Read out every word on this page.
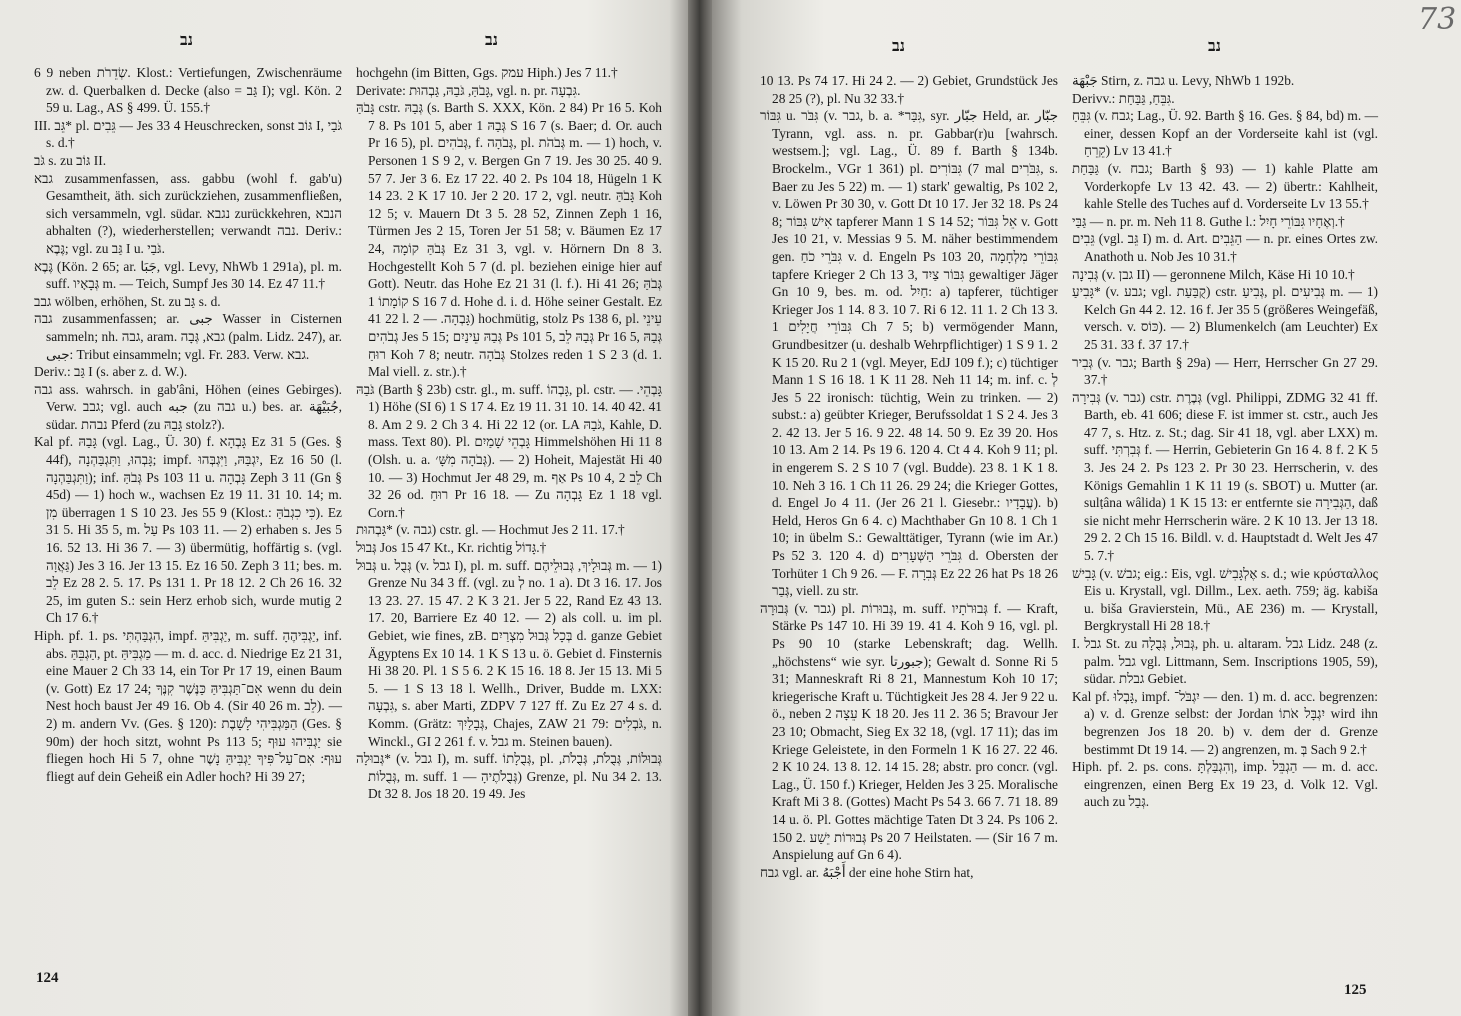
נב	נב
124
נב	נב
125
73

6 9 neben שְׂדֵרֹת. Klost.: Vertiefungen, Zwischenräume zw. d. Querbalken d. Decke (also = גַּב I); vgl. Kön. 2 59 u. Lag., AS § 499. Ü. 155.†

III. גֵּב* pl. גֵּבִים — Jes 33 4 Heuschrecken, sonst גּוֹב I, גֹּבַי s. d.†

גֹּב s. zu גּוֹב II.

גבא zusammenfassen, ass. gabbu (wohl f. gab'u) Gesamtheit, äth. sich zurückziehen, zusammenfließen, sich versammeln, vgl. südar. נגבא zurückkehren, הנבא abhalten (?), wiederherstellen; verwandt נבה. Deriv.: גֶּבֶא; vgl. zu גַּב I u. גֹּבַי.

גֶּבֶא (Kön. 2 65; ar. جَبَا, vgl. Levy, NhWb 1 291a), pl. m. suff. גְּבָאָיו m. — Teich, Sumpf Jes 30 14. Ez 47 11.†

גבב wölben, erhöhen, St. zu גַּב s. d.

גבה zusammenfassen; ar. جبى Wasser in Cisternen sammeln; nh. גבה, aram. גבא, גְּבָה (palm. Lidz. 247), ar. جبى: Tribut einsammeln; vgl. Fr. 283. Verw. גבא.

Deriv.: גַּב I (s. aber z. d. W.).

גבה ass. wahrsch. in gab'âni, Höhen (eines Gebirges). Verw. גבב; vgl. auch جبه (zu גבה u.) bes. ar. جُبَيْهَة, südar. נבהת Pferd (zu גָּבַהּ stolz?).

Kal pf. גָּבַהּ (vgl. Lag., Ü. 30) f. גָּבְהָא Ez 31 5 (Ges. § 44f), גָּבְהוּ, וַתִּגְבַּהְנָה; impf. יִגְבַּהּ, וַיִּגְבְּהוּ, Ez 16 50 (l. וַתִּגְבַּהְנָה); inf. גְּבֹהַּ Ps 103 11 u. גָּבְהָה Zeph 3 11 (Gn § 45d) — 1) hoch w., wachsen Ez 19 11. 31 10. 14; m. מִן überragen 1 S 10 23. Jes 55 9 (Klost.: כִּי כִגְבֹהַּ). Ez 31 5. Hi 35 5, m. עַל Ps 103 11. — 2) erhaben s. Jes 5 16. 52 13. Hi 36 7. — 3) übermütig, hoffärtig s. (vgl. גַּאֲוָה) Jes 3 16. Jer 13 15. Ez 16 50. Zeph 3 11; bes. m. לֵב Ez 28 2. 5. 17. Ps 131 1. Pr 18 12. 2 Ch 26 16. 32 25, im guten S.: sein Herz erhob sich, wurde mutig 2 Ch 17 6.†

Hiph. pf. 1. ps. הִגְבַּהְתִּי, impf. יַגְבִּיהַּ, m. suff. יַגְבִּיהֶהָ, inf. abs. הַגְבֵּהַּ, pt. מַגְבִּיהַּ — m. d. acc. d. Niedrige Ez 21 31, eine Mauer 2 Ch 33 14, ein Tor Pr 17 19, einen Baum (v. Gott) Ez 17 24; אִם־תַּגְבִּיהַּ כַּנֶּשֶׁר קִנֶּךָ wenn du dein Nest hoch baust Jer 49 16. Ob 4. (Sir 40 26 m. לֵב). — 2) m. andern Vv. (Ges. § 120): הַמַּגְבִּיהִי לָשָׁבֶת (Ges. § 90m) der hoch sitzt, wohnt Ps 113 5; יַגְבִּיהוּ עוּף sie fliegen hoch Hi 5 7, ohne עוּף: אִם־עַל־פִּיךָ יַגְבִּיהַּ נָשֶׁר fliegt auf dein Geheiß ein Adler hoch? Hi 39 27;

hochgehn (im Bitten, Ggs. עמק Hiph.) Jes 7 11.†

Derivate: גָּבֹהַּ, גֹּבַהּ, גַּבְהוּת, vgl. n. pr. גִּבְעָה.

גָּבֹהַּ cstr. גְּבַהּ (s. Barth S. XXX, Kön. 2 84) Pr 16 5. Koh 7 8. Ps 101 5, aber גְּבַהּ 1 S 16 7 (s. Baer; d. Or. auch Pr 16 5), pl. גְּבֹהִים, f. גְּבֹהָה, pl. גְּבֹהֹת m. — 1) hoch, v. Personen 1 S 9 2, v. Bergen Gn 7 19. Jes 30 25. 40 9. 57 7. Jer 3 6. Ez 17 22. 40 2. Ps 104 18, Hügeln 1 K 14 23. 2 K 17 10. Jer 2 20. 17 2, vgl. neutr. גָּבֹהַּ Koh 12 5; v. Mauern Dt 3 5. 28 52, Zinnen Zeph 1 16, Türmen Jes 2 15, Toren Jer 51 58; v. Bäumen Ez 17 24, גְּבֹהַּ קוֹמָה Ez 31 3, vgl. v. Hörnern Dn 8 3. Hochgestellt Koh 5 7 (d. pl. beziehen einige hier auf Gott). Neutr. das Hohe Ez 21 31 (l. f.). Hi 41 26; גְּבֹהַּ קוֹמָתוֹ 1 S 16 7 d. Hohe d. i. d. Höhe seiner Gestalt. Ez 41 22 l. גָּבְהָה. — 2) hochmütig, stolz Ps 138 6, pl. עֵינֵי גְבֹהִים Jes 5 15; גְּבַהּ עֵינַיִם Ps 101 5, גְּבַהּ לֵב Pr 16 5, גְּבַהּ רוּחַ Koh 7 8; neutr. גְּבֹהָה Stolzes reden 1 S 2 3 (d. 1. Mal viell. z. str.).†

גֹּבַהּ (Barth § 23b) cstr. gl., m. suff. גָּבְהוֹ, pl. cstr. גָּבְהֵי. — 1) Höhe (SI 6) 1 S 17 4. Ez 19 11. 31 10. 14. 40 42. 41 8. Am 2 9. 2 Ch 3 4. Hi 22 12 (or. LA גֹּבַהּ, Kahle, D. mass. Text 80). Pl. גָּבְהֵי שָׁמַיִם Himmelshöhen Hi 11 8 (Olsh. u. a. גְּבֹהָה מִשָּׁ׳). — 2) Hoheit, Majestät Hi 40 10. — 3) Hochmut Jer 48 29, m. אַף Ps 10 4, לֵב 2 Ch 32 26 od. רוּחַ Pr 16 18. — Zu גָּבְהָה Ez 1 18 vgl. Corn.†

גַּבְהוּת* (v. גבה) cstr. gl. — Hochmut Jes 2 11. 17.†

גְּבוּל Jos 15 47 Kt., Kr. richtig גָּדוֹל.†

גְּבוּל u. גְּבֻל (v. גבל I), pl. m. suff. גְּבוּלָיךְ, גְּבוּלֵיהֶם m. — 1) Grenze Nu 34 3 ff. (vgl. zu לְ no. 1 a). Dt 3 16. 17. Jos 13 23. 27. 15 47. 2 K 3 21. Jer 5 22, Rand Ez 43 13. 17. 20, Barriere Ez 40 12. — 2) als coll. u. im pl. Gebiet, wie fines, zB. בְּכָל גְּבוּל מִצְרַיִם d. ganze Gebiet Ägyptens Ex 10 14. 1 K S 13 u. ö. Gebiet d. Finsternis Hi 38 20. Pl. 1 S 5 6. 2 K 15 16. 18 8. Jer 15 13. Mi 5 5. — 1 S 13 18 l. Wellh., Driver, Budde m. LXX: גִּבְעָה, s. aber Marti, ZDPV 7 127 ff. Zu Ez 27 4 s. d. Komm. (Grätz: גְּבָלַיִךְ, Chajes, ZAW 21 79: גֹּבְלִים, n. Winckl., GI 2 261 f. v. גבל m. Steinen bauen).

גְּבוּלָה* (v. גבל I), m. suff. גְּבֻלָתוֹ, pl. גְּבוּלוֹת, גְּבֻלֹת, גְּבֻלֹת, גְּבֻלוֹת, m. suff. גְּבֻלֹתֶיהָ — 1) Grenze, pl. Nu 34 2. 13. Dt 32 8. Jos 18 20. 19 49. Jes

10 13. Ps 74 17. Hi 24 2. — 2) Gebiet, Grundstück Jes 28 25 (?), pl. Nu 32 33.†

גִּבּוֹר u. גִּבֹּר (v. גבר, b. a. *גִּבַּר, syr. جبّار Held, ar. جبّار Tyrann, vgl. ass. n. pr. Gabbar(r)u [wahrsch. westsem.]; vgl. Lag., Ü. 89 f. Barth § 134b. Brockelm., VGr 1 361) pl. גִּבּוֹרִים (7 mal גִּבֹּרִים, s. Baer zu Jes 5 22) m. — 1) stark' gewaltig, Ps 102 2, v. Löwen Pr 30 30, v. Gott Dt 10 17. Jer 32 18. Ps 24 8; אִישׁ גִּבּוֹר tapferer Mann 1 S 14 52; אֵל גִּבּוֹר v. Gott Jes 10 21, v. Messias 9 5. M. näher bestimmendem gen. גִּבֹּרֵי כֹחַ v. d. Engeln Ps 103 20, גִּבּוֹרֵי מִלְחָמָה tapfere Krieger 2 Ch 13 3, גִּבּוֹר צַיִד gewaltiger Jäger Gn 10 9, bes. m. od. חַיִל: a) tapferer, tüchtiger Krieger Jos 1 14. 8 3. 10 7. Ri 6 12. 11 1. 2 Ch 13 3. גִּבּוֹרֵי חֲיָלִים 1 Ch 7 5; b) vermögender Mann, Grundbesitzer (u. deshalb Wehrpflichtiger) 1 S 9 1. 2 K 15 20. Ru 2 1 (vgl. Meyer, EdJ 109 f.); c) tüchtiger Mann 1 S 16 18. 1 K 11 28. Neh 11 14; m. inf. c. לְ Jes 5 22 ironisch: tüchtig, Wein zu trinken. — 2) subst.: a) geübter Krieger, Berufssoldat 1 S 2 4. Jes 3 2. 42 13. Jer 5 16. 9 22. 48 14. 50 9. Ez 39 20. Hos 10 13. Am 2 14. Ps 19 6. 120 4. Ct 4 4. Koh 9 11; pl. in engerem S. 2 S 10 7 (vgl. Budde). 23 8. 1 K 1 8. 10. Neh 3 16. 1 Ch 11 26. 29 24; die Krieger Gottes, d. Engel Jo 4 11. (Jer 26 21 l. Giesebr.: עֲבָדָיו). b) Held, Heros Gn 6 4. c) Machthaber Gn 10 8. 1 Ch 1 10; in übelm S.: Gewalttätiger, Tyrann (wie im Ar.) Ps 52 3. 120 4. d) גִּבֹּרֵי הַשְּׁעָרִים d. Obersten der Torhüter 1 Ch 9 26. — F. גְּבִרָה Ez 22 26 hat Ps 18 26 גְּבַר, viell. zu str.

גְּבוּרָה (v. גבר) pl. גְּבוּרוֹת, m. suff. גְּבוּרֹתָיו f. — Kraft, Stärke Ps 147 10. Hi 39 19. 41 4. Koh 9 16, vgl. pl. Ps 90 10 (starke Lebenskraft; dag. Wellh. „höchstens“ wie syr. جبورتا); Gewalt d. Sonne Ri 5 31; Manneskraft Ri 8 21, Mannestum Koh 10 17; kriegerische Kraft u. Tüchtigkeit Jes 28 4. Jer 9 22 u. ö., neben עֵצָה 2 K 18 20. Jes 11 2. 36 5; Bravour Jer 23 10; Obmacht, Sieg Ex 32 18, (vgl. 17 11); das im Kriege Geleistete, in den Formeln 1 K 16 27. 22 46. 2 K 10 24. 13 8. 12. 14 15. 28; abstr. pro concr. (vgl. Lag., Ü. 150 f.) Krieger, Helden Jes 3 25. Moralische Kraft Mi 3 8. (Gottes) Macht Ps 54 3. 66 7. 71 18. 89 14 u. ö. Pl. Gottes mächtige Taten Dt 3 24. Ps 106 2. 150 2. גְּבוּרוֹת יֵשַׁע Ps 20 7 Heilstaten. — (Sir 16 7 m. Anspielung auf Gn 6 4).

גבח vgl. ar. أَجْبَهُ der eine hohe Stirn hat,

جَبْهَة Stirn, z. גבה u. Levy, NhWb 1 192b.

Derivv.: גִּבֵּחַ, גַּבַּחַת.

גִּבֵּחַ (v. גבח; Lag., Ü. 92. Barth § 16. Ges. § 84, bd) m. — einer, dessen Kopf an der Vorderseite kahl ist (vgl. קֵרֵחַ) Lv 13 41.†

גַּבַּחַת (v. גבח; Barth § 93) — 1) kahle Platte am Vorderkopfe Lv 13 42. 43. — 2) übertr.: Kahlheit, kahle Stelle des Tuches auf d. Vorderseite Lv 13 55.†

גַּבַּי — n. pr. m. Neh 11 8. Guthe l.: וְאֶחָיו גִּבּוֹרֵי חָיִל.†

גֵּבִים (vgl. גֵּב I) m. d. Art. הַגֵּבִים — n. pr. eines Ortes zw. Anathoth u. Nob Jes 10 31.†

גְּבִינָה (v. גבן II) — geronnene Milch, Käse Hi 10 10.†

גָּבִיעַ* (v. גבע; vgl. קֻבַּעַת) cstr. גְּבִיעַ, pl. גְּבִיעִים m. — 1) Kelch Gn 44 2. 12. 16 f. Jer 35 5 (größeres Weingefäß, versch. v. כּוֹס). — 2) Blumenkelch (am Leuchter) Ex 25 31. 33 f. 37 17.†

גְּבִיר (v. גבר; Barth § 29a) — Herr, Herrscher Gn 27 29. 37.†

גְּבִירָה (v. גבר) cstr. גְּבֶרֶת (vgl. Philippi, ZDMG 32 41 ff. Barth, eb. 41 606; diese F. ist immer st. cstr., auch Jes 47 7, s. Htz. z. St.; dag. Sir 41 18, vgl. aber LXX) m. suff. גְּבִרְתִּי f. — Herrin, Gebieterin Gn 16 4. 8 f. 2 K 5 3. Jes 24 2. Ps 123 2. Pr 30 23. Herrscherin, v. des Königs Gemahlin 1 K 11 19 (s. SBOT) u. Mutter (ar. sulṭâna wâlida) 1 K 15 13: er entfernte sie הַגְּבִירָה, daß sie nicht mehr Herrscherin wäre. 2 K 10 13. Jer 13 18. 29 2. 2 Ch 15 16. Bildl. v. d. Hauptstadt d. Welt Jes 47 5. 7.†

גָּבִישׁ (v. גבשׁ; eig.: Eis, vgl. אֶלְגָּבִישׁ s. d.; wie κρύσταλλος Eis u. Krystall, vgl. Dillm., Lex. aeth. 759; äg. kabiša u. biša Gravierstein, Mü., AE 236) m. — Krystall, Bergkrystall Hi 28 18.†

I. גבל St. zu גְּבוּל, גְּבֻלָה, ph. u. altaram. גבל Lidz. 248 (z. palm. גבל vgl. Littmann, Sem. Inscriptions 1905, 59), südar. גבלת Gebiet.

Kal pf. גָּבְלוּ, impf. יִגְבֹּל־ — den. 1) m. d. acc. begrenzen: a) v. d. Grenze selbst: der Jordan יִגְבָּל אֹתוֹ wird ihn begrenzen Jos 18 20. b) v. dem der d. Grenze bestimmt Dt 19 14. — 2) angrenzen, m. בְּ Sach 9 2.†

Hiph. pf. 2. ps. cons. וְהִגְבַּלְתָּ, imp. הַגְבֵּל — m. d. acc. eingrenzen, einen Berg Ex 19 23, d. Volk 12. Vgl. auch zu גְּבַל.
